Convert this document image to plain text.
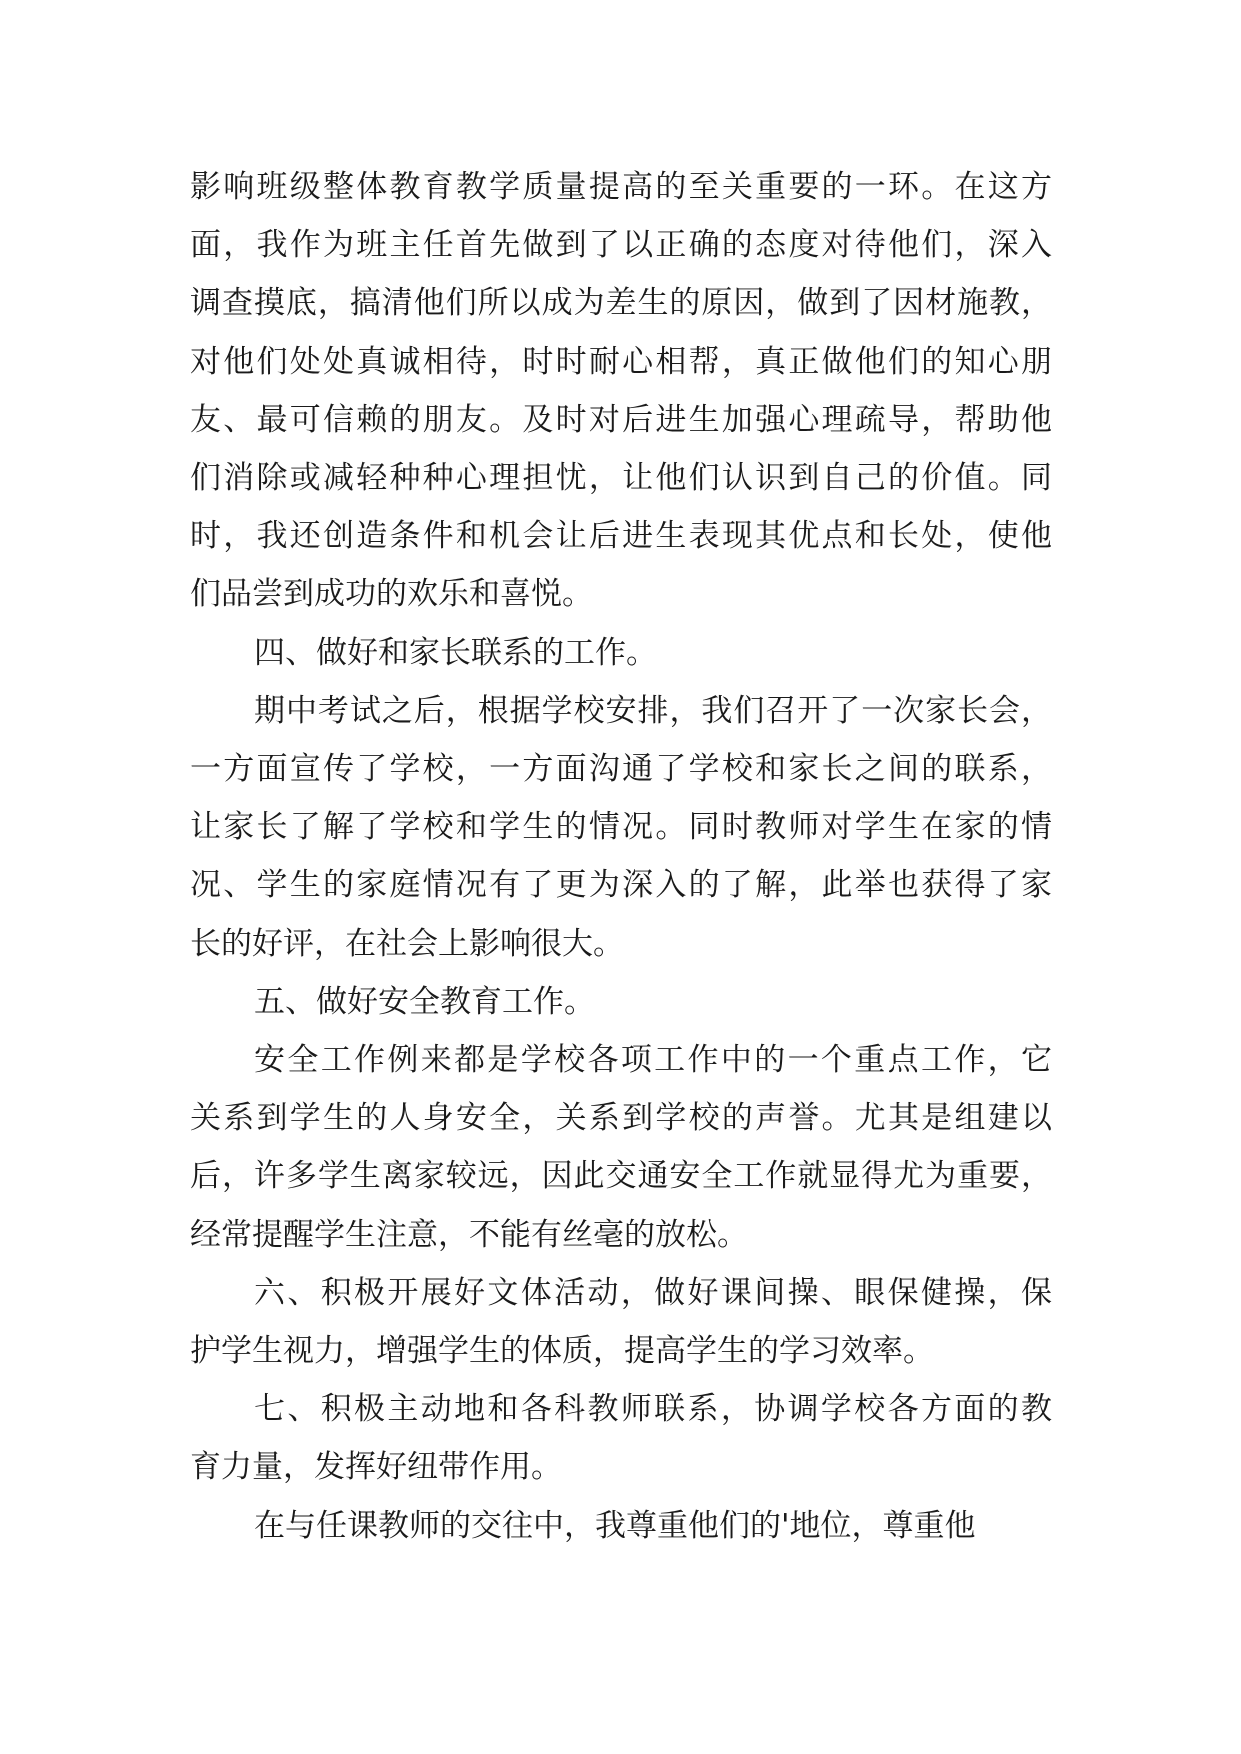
影响班级整体教育教学质量提高的至关重要的一环。在这方
面，我作为班主任首先做到了以正确的态度对待他们，深入
调查摸底，搞清他们所以成为差生的原因，做到了因材施教，
对他们处处真诚相待，时时耐心相帮，真正做他们的知心朋
友、最可信赖的朋友。及时对后进生加强心理疏导，帮助他
们消除或减轻种种心理担忧，让他们认识到自己的价值。同
时，我还创造条件和机会让后进生表现其优点和长处，使他
们品尝到成功的欢乐和喜悦。
四、做好和家长联系的工作。
期中考试之后，根据学校安排，我们召开了一次家长会，
一方面宣传了学校，一方面沟通了学校和家长之间的联系，
让家长了解了学校和学生的情况。同时教师对学生在家的情
况、学生的家庭情况有了更为深入的了解，此举也获得了家
长的好评，在社会上影响很大。
五、做好安全教育工作。
安全工作例来都是学校各项工作中的一个重点工作，它
关系到学生的人身安全，关系到学校的声誉。尤其是组建以
后，许多学生离家较远，因此交通安全工作就显得尤为重要，
经常提醒学生注意，不能有丝毫的放松。
六、积极开展好文体活动，做好课间操、眼保健操，保
护学生视力，增强学生的体质，提高学生的学习效率。
七、积极主动地和各科教师联系，协调学校各方面的教
育力量，发挥好纽带作用。
在与任课教师的交往中，我尊重他们的'地位，尊重他
